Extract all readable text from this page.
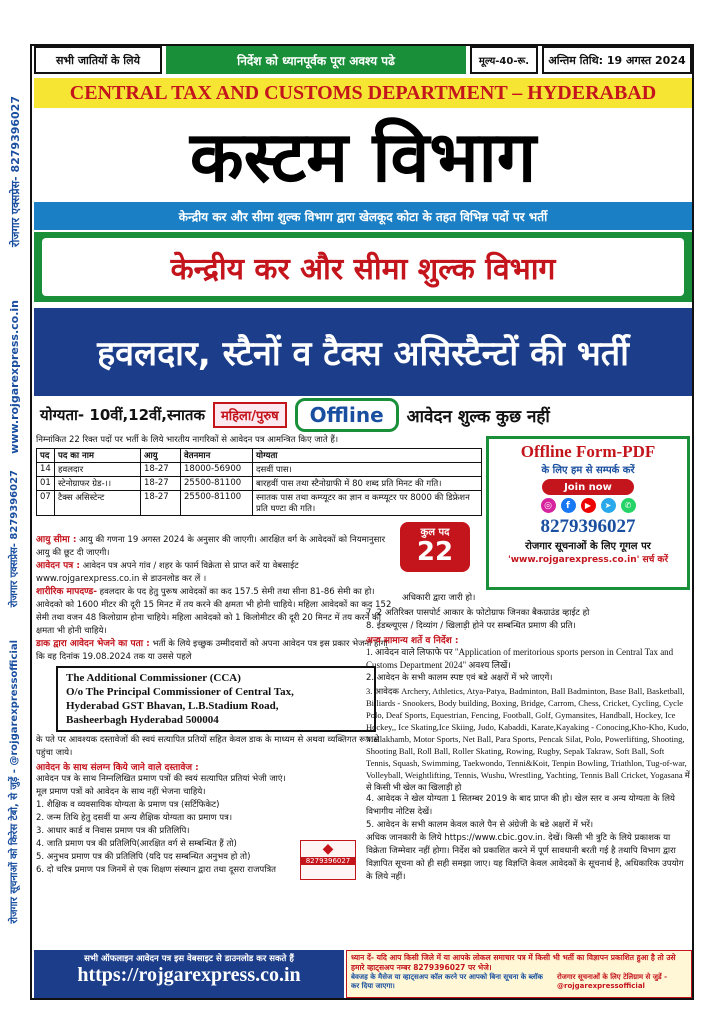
रोजगार एक्सप्रेस- 8279396027
www.rojgarexpress.co.in
रोजगार एक्सप्रेस- 8279396027
रोजगार सूचनाओं को किरेस टेबो, से जुड़ें - @rojgarexpressofficial
सभी जातियों के लिये	निर्देश को ध्यानपूर्वक पूरा अवश्य पढे	मूल्य-40-रू.	अन्तिम तिथि: 19 अगस्त 2024
CENTRAL TAX AND CUSTOMS DEPARTMENT – HYDERABAD
कस्टम विभाग
केन्द्रीय कर और सीमा शुल्क विभाग द्वारा खेलकूद कोटा के तहत विभिन्न पदों पर भर्ती
केन्द्रीय कर और सीमा शुल्क विभाग
हवलदार, स्टैनों व टैक्स असिस्टैन्टों की भर्ती
योग्यता- 10वीं,12वीं,स्नातक	महिला/पुरुष	Offline	आवेदन शुल्क कुछ नहीं
निम्नांकित 22 रिक्त पदों पर भर्ती के लिये भारतीय नागरिकों से आवेदन पत्र आमन्त्रित किए जाते हैं।
पद	पद का नाम	आयु	वेतनमान	योग्यता
14	हवलदार	18-27	18000-56900	दसवीं पास।
01	स्टेनोग्राफर ग्रेड-।।	18-27	25500-81100	बारहवीं पास तथा स्टैनोग्राफी में 80 शब्द प्रति मिनट की गति।
07	टैक्स असिस्टेन्ट	18-27	25500-81100	स्नातक पास तथा कम्प्यूटर का ज्ञान व कम्प्यूटर पर 8000 की डिफ्रेशन प्रति घण्टा की गति।
Offline Form-PDF
के लिए हम से सम्पर्क करें
Join now
◎	f	▶	➤	✆
8279396027
रोजगार सूचनाओं के लिए गूगल पर
'www.rojgarexpress.co.in' सर्च करें
कुल पद
22
आयु सीमा : आयु की गणना 19 अगस्त 2024 के अनुसार की जाएगी। आरक्षित वर्ग के आवेदकों को नियमानुसार आयु की छूट दी जाएगी।
आवेदन पत्र : आवेदन पत्र अपने गांव / शहर के फार्म विक्रेता से प्राप्त करें या वेबसाईट www.rojgarexpress.co.in से डाउनलोड कर लें ।
शारीरिक मापदण्ड- हवलदार के पद हेतु पुरूष आवेदकों का कद 157.5 सेमी तथा सीना 81-86 सेमी का हो। आवेदको को 1600 मीटर की दूरी 15 मिनट में तय करने की क्षमता भी होनी चाहिये। महिला आवेदकों का कद 152 सेमी तथा वजन 48 किलोग्राम होना चाहिये। महिला आवेदको को 1 किलोमीटर की दूरी 20 मिनट में तय करने की क्षमता भी होनी चाहिये।
डाक द्वारा आवेदन भेजने का पता : भर्ती के लिये इच्छुक उम्मीदवारों को अपना आवेदन पत्र इस प्रकार भेजना होगा कि वह दिनांक 19.08.2024 तक या उससे पहले
The Additional Commissioner (CCA)
O/o The Principal Commissioner of Central Tax,
Hyderabad GST Bhavan, L.B.Stadium Road,
Basheerbagh Hyderabad 500004
के पते पर आवश्यक दस्तावेजों की स्वयं सत्यापित प्रतियों सहित केवल डाक के माध्यम से अथवा व्यक्तिगत रूप से पहुंचा जाये।
आवेदन के साथ संलग्न किये जाने वाले दस्तावेज :
आवेदन पत्र के साथ निम्नलिखित प्रमाण पत्रों की स्वयं सत्यापित प्रतियां भेजी जाएं।
मूल प्रमाण पत्रों को आवेदन के साथ नहीं भेजना चाहिये।
1. शैक्षिक व व्यवसायिक योग्यता के प्रमाण पत्र (सर्टिफिकेट)
2. जन्म तिथि हेतु दसवीं या अन्य शैक्षिक योग्यता का प्रमाण पत्र।
3. आधार कार्ड व निवास प्रमाण पत्र की प्रतिलिपि।
4. जाति प्रमाण पत्र की प्रतिलिपि(आरक्षित वर्ग से सम्बन्धित हैं तो)
5. अनुभव प्रमाण पत्र की प्रतिलिपि (यदि पद सम्बन्धित अनुभव हो तो)
6. दो चरित्र प्रमाण पत्र जिनमें से एक शिक्षण संस्थान द्वारा तथा दूसरा राजपत्रित
◆
8279396027
अधिकारी द्वारा जारी हो।
7. 2 अतिरिक्त पासपोर्ट आकार के फोटोग्राफ जिनका बैकग्राउंड व्हाईट हो
8. ईडब्ल्यूएस / दिव्यांग / खिलाड़ी होने पर सम्बन्धित प्रमाण की प्रति।
अन्य सामान्य शर्ते व निर्देश :
1. आवेदन वाले लिफाफे पर "Application of meritorious sports person in Central Tax and Customs Department 2024" अवश्य लिखें।
2. आवेदन के सभी कालम स्पष्ट एवं बडे अक्षरों में भरे जाएगें।
3. आवेदक Archery, Athletics, Atya-Patya, Badminton, Ball Badminton, Base Ball, Basketball, Billiards - Snookers, Body building, Boxing, Bridge, Carrom, Chess, Cricket, Cycling, Cycle Polo, Deaf Sports, Equestrian, Fencing, Football, Golf, Gymansites, Handball, Hockey, Ice Hockey,, Ice Skating,Ice Skiing, Judo, Kabaddi, Karate,Kayaking - Conocing,Kho-Kho, Kudo, Mallakhamb, Motor Sports, Net Ball, Para Sports, Pencak Silat, Polo, Powerlifting, Shooting, Shooting Ball, Roll Ball, Roller Skating, Rowing, Rugby, Sepak Takraw, Soft Ball, Soft Tennis, Squash, Swimming, Taekwondo, Tenni&Koit, Tenpin Bowling, Triathlon, Tug-of-war, Volleyball, Weightlifting, Tennis, Wushu, Wrestling, Yachting, Tennis Ball Cricket, Yogasana में से किसी भी खेल का खिलाड़ी हो
4. आवेदक ने खेल योग्यता 1 सितम्बर 2019 के बाद प्राप्त की हो। खेल स्तर व अन्य योग्यता के लिये विभागीय नोटिस देखें।
5. आवेदन के सभी कालम केवल काले पैन से अंग्रेजी के बडे अक्षरों में भरें।
अधिक जानकारी के लिये https://www.cbic.gov.in. देखें। किसी भी त्रुटि के लिये प्रकाशक या विक्रेता जिम्मेवार नहीं होगा। निर्देश को प्रकाशित करने में पूर्ण सावधानी बरती गई है तथापि विभाग द्वारा विज्ञापित सूचना को ही सही समझा जाए। यह विज्ञप्ति केवल आवेदकों के सूचनार्थ है, अधिकारिक उपयोग के लिये नहीं।
सभी ऑफलाइन आवेदन पत्र इस वेबसाइट से डाउनलोड कर सकते हैं
https://rojgarexpress.co.in
ध्यान दें- यदि आप किसी जिले में या आपके लोकल समाचार पत्र में किसी भी भर्ती का विज्ञापन प्रकाशित हुआ है तो उसे हमारे व्हाट्सअप नम्बर 8279396027 पर भेजे।
बेवजह के मैसेज या व्हाट्सअप कॉल करने पर आपको बिना सूचना के ब्लॉक कर दिया जाएगा।
रोजगार सूचनाओं के लिए टेलिग्राम से जुडें - @rojgarexpressofficial
